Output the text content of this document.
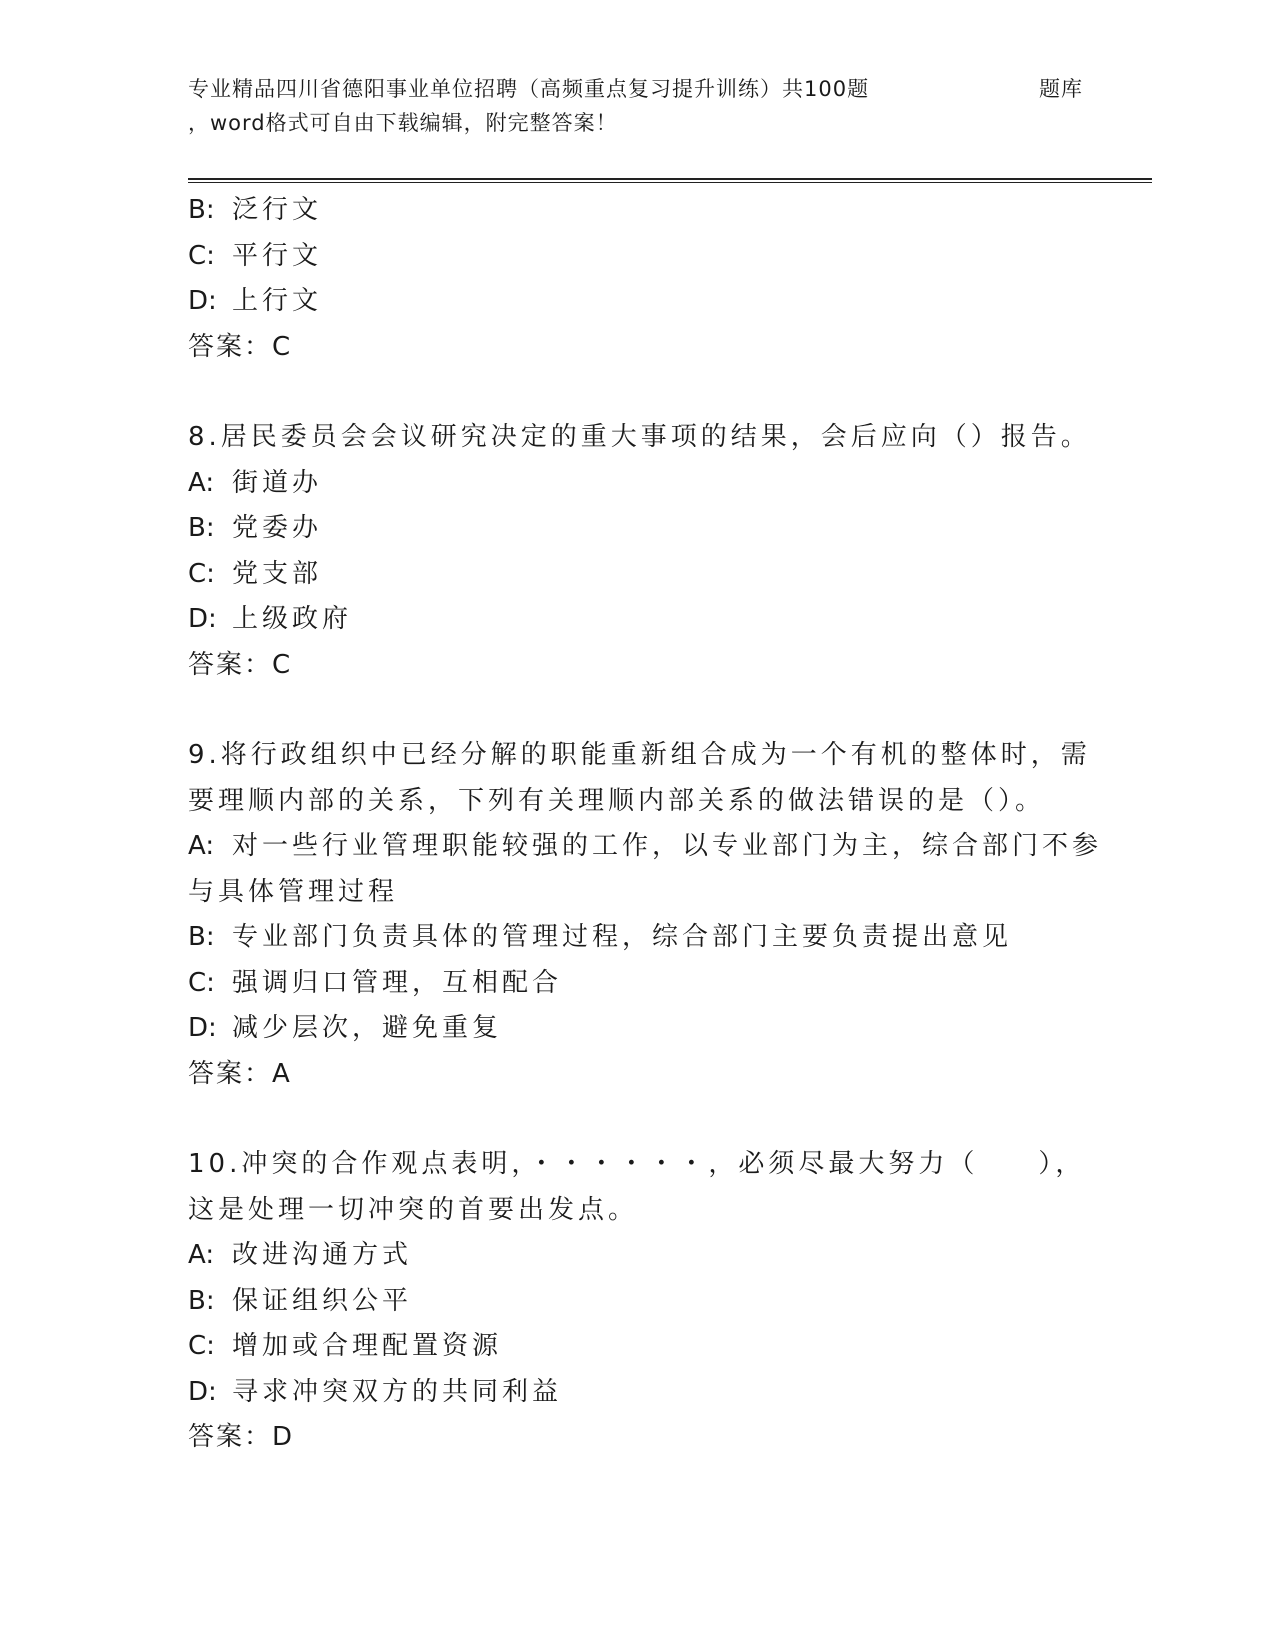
专业精品四川省德阳事业单位招聘（高频重点复习提升训练）共100题	题库
，word格式可自由下载编辑，附完整答案！
B: 泛行文
C: 平行文
D: 上行文
答案：C
8.居民委员会会议研究决定的重大事项的结果，会后应向（）报告。
A: 街道办
B: 党委办
C: 党支部
D: 上级政府
答案：C
9.将行政组织中已经分解的职能重新组合成为一个有机的整体时，需
要理顺内部的关系，下列有关理顺内部关系的做法错误的是（）。
A: 对一些行业管理职能较强的工作，以专业部门为主，综合部门不参
与具体管理过程
B: 专业部门负责具体的管理过程，综合部门主要负责提出意见
C: 强调归口管理，互相配合
D: 减少层次，避免重复
答案：A
10.冲突的合作观点表明，・・・・・・，必须尽最大努力（　　），
这是处理一切冲突的首要出发点。
A: 改进沟通方式
B: 保证组织公平
C: 增加或合理配置资源
D: 寻求冲突双方的共同利益
答案：D
